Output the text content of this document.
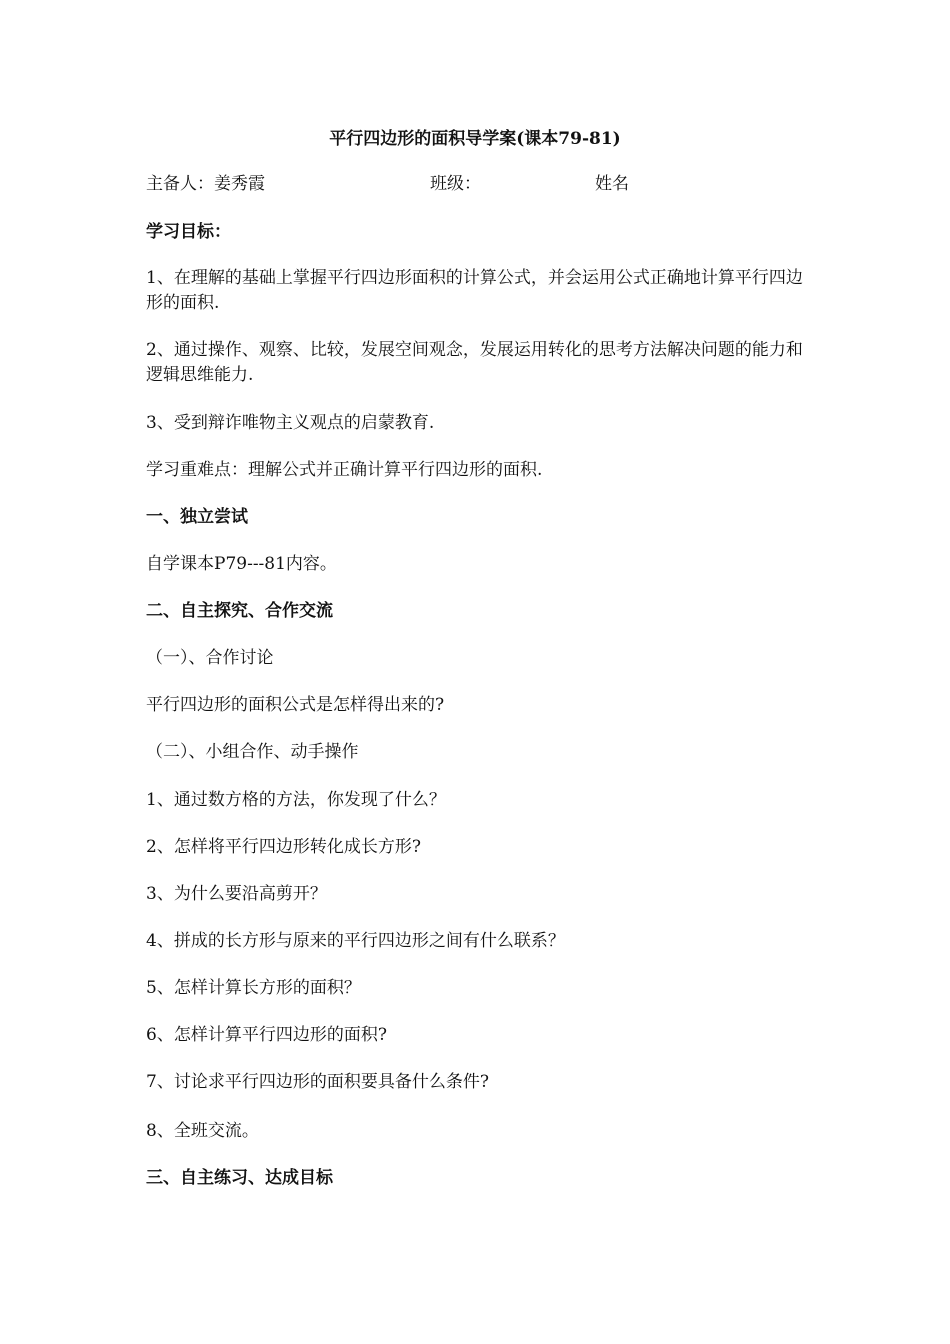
平行四边形的面积导学案(课本79-81)
主备人：姜秀霞	班级：	姓名
学习目标：
1、在理解的基础上掌握平行四边形面积的计算公式，并会运用公式正确地计算平行四边形的面积.
2、通过操作、观察、比较，发展空间观念，发展运用转化的思考方法解决问题的能力和逻辑思维能力.
3、受到辩诈唯物主义观点的启蒙教育.
学习重难点：理解公式并正确计算平行四边形的面积.
一、独立尝试
自学课本P79---81内容。
二、自主探究、合作交流
（一）、合作讨论
平行四边形的面积公式是怎样得出来的?
（二）、小组合作、动手操作
1、通过数方格的方法，你发现了什么？
2、怎样将平行四边形转化成长方形?
3、为什么要沿高剪开？
4、拼成的长方形与原来的平行四边形之间有什么联系？
5、怎样计算长方形的面积？
6、怎样计算平行四边形的面积?
7、讨论求平行四边形的面积要具备什么条件?
8、全班交流。
三、自主练习、达成目标
